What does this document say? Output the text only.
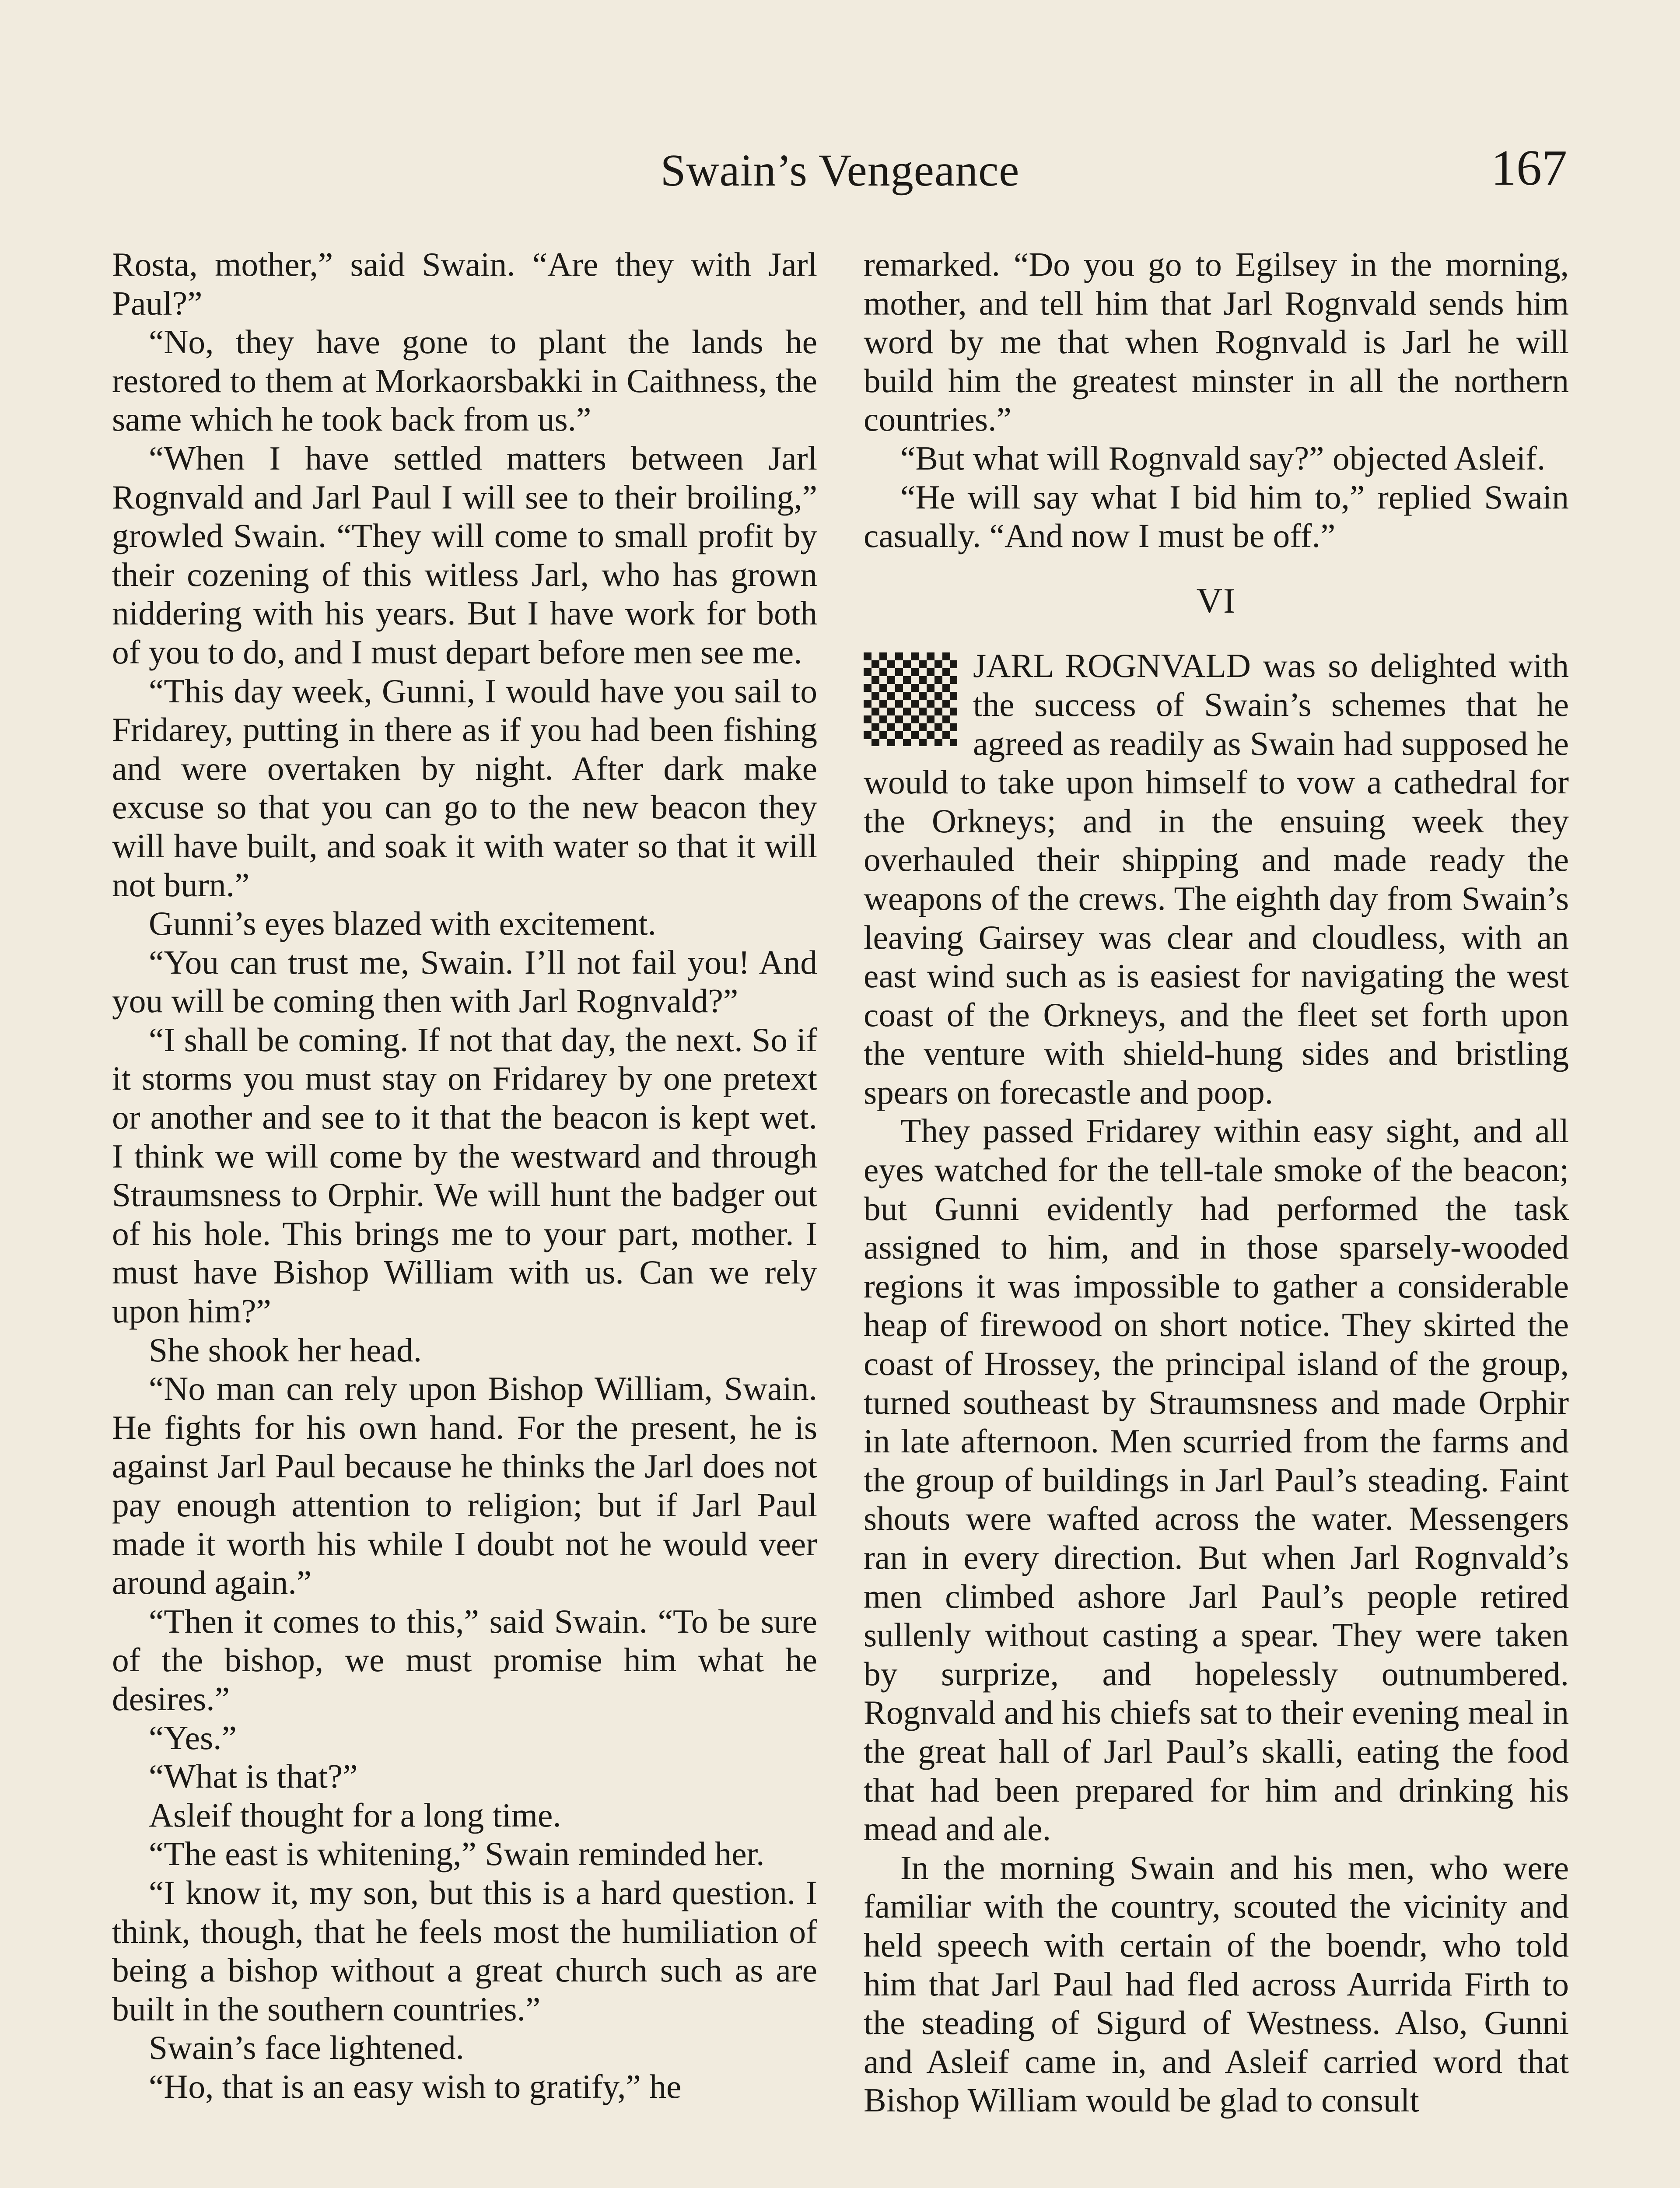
Swain’s Vengeance	167

Rosta, mother,” said Swain. “Are they with Jarl Paul?”

“No, they have gone to plant the lands he restored to them at Morkaorsbakki in Caithness, the same which he took back from us.”

“When I have settled matters between Jarl Rognvald and Jarl Paul I will see to their broiling,” growled Swain. “They will come to small profit by their cozening of this witless Jarl, who has grown niddering with his years. But I have work for both of you to do, and I must depart before men see me.

“This day week, Gunni, I would have you sail to Fridarey, putting in there as if you had been fishing and were overtaken by night. After dark make excuse so that you can go to the new beacon they will have built, and soak it with water so that it will not burn.”

Gunni’s eyes blazed with excitement.

“You can trust me, Swain. I’ll not fail you! And you will be coming then with Jarl Rognvald?”

“I shall be coming. If not that day, the next. So if it storms you must stay on Fridarey by one pretext or another and see to it that the beacon is kept wet. I think we will come by the westward and through Straumsness to Orphir. We will hunt the badger out of his hole. This brings me to your part, mother. I must have Bishop William with us. Can we rely upon him?”

She shook her head.

“No man can rely upon Bishop William, Swain. He fights for his own hand. For the present, he is against Jarl Paul because he thinks the Jarl does not pay enough attention to religion; but if Jarl Paul made it worth his while I doubt not he would veer around again.”

“Then it comes to this,” said Swain. “To be sure of the bishop, we must promise him what he desires.”

“Yes.”

“What is that?”

Asleif thought for a long time.

“The east is whitening,” Swain reminded her.

“I know it, my son, but this is a hard question. I think, though, that he feels most the humiliation of being a bishop without a great church such as are built in the southern countries.”

Swain’s face lightened.

“Ho, that is an easy wish to gratify,” he

remarked. “Do you go to Egilsey in the morning, mother, and tell him that Jarl Rognvald sends him word by me that when Rognvald is Jarl he will build him the greatest minster in all the northern countries.”

“But what will Rognvald say?” objected Asleif.

“He will say what I bid him to,” replied Swain casually. “And now I must be off.”

VI

JARL ROGNVALD was so delighted with the success of Swain’s schemes that he agreed as readily as Swain had supposed he would to take upon himself to vow a cathedral for the Orkneys; and in the ensuing week they overhauled their shipping and made ready the weapons of the crews. The eighth day from Swain’s leaving Gairsey was clear and cloudless, with an east wind such as is easiest for navigating the west coast of the Orkneys, and the fleet set forth upon the venture with shield-hung sides and bristling spears on forecastle and poop.

They passed Fridarey within easy sight, and all eyes watched for the tell-tale smoke of the beacon; but Gunni evidently had performed the task assigned to him, and in those sparsely-wooded regions it was impossible to gather a considerable heap of firewood on short notice. They skirted the coast of Hrossey, the principal island of the group, turned southeast by Straumsness and made Orphir in late afternoon. Men scurried from the farms and the group of buildings in Jarl Paul’s steading. Faint shouts were wafted across the water. Messengers ran in every direction. But when Jarl Rognvald’s men climbed ashore Jarl Paul’s people retired sullenly without casting a spear. They were taken by surprize, and hopelessly outnumbered. Rognvald and his chiefs sat to their evening meal in the great hall of Jarl Paul’s skalli, eating the food that had been prepared for him and drinking his mead and ale.

In the morning Swain and his men, who were familiar with the country, scouted the vicinity and held speech with certain of the boendr, who told him that Jarl Paul had fled across Aurrida Firth to the steading of Sigurd of Westness. Also, Gunni and Asleif came in, and Asleif carried word that Bishop William would be glad to consult
